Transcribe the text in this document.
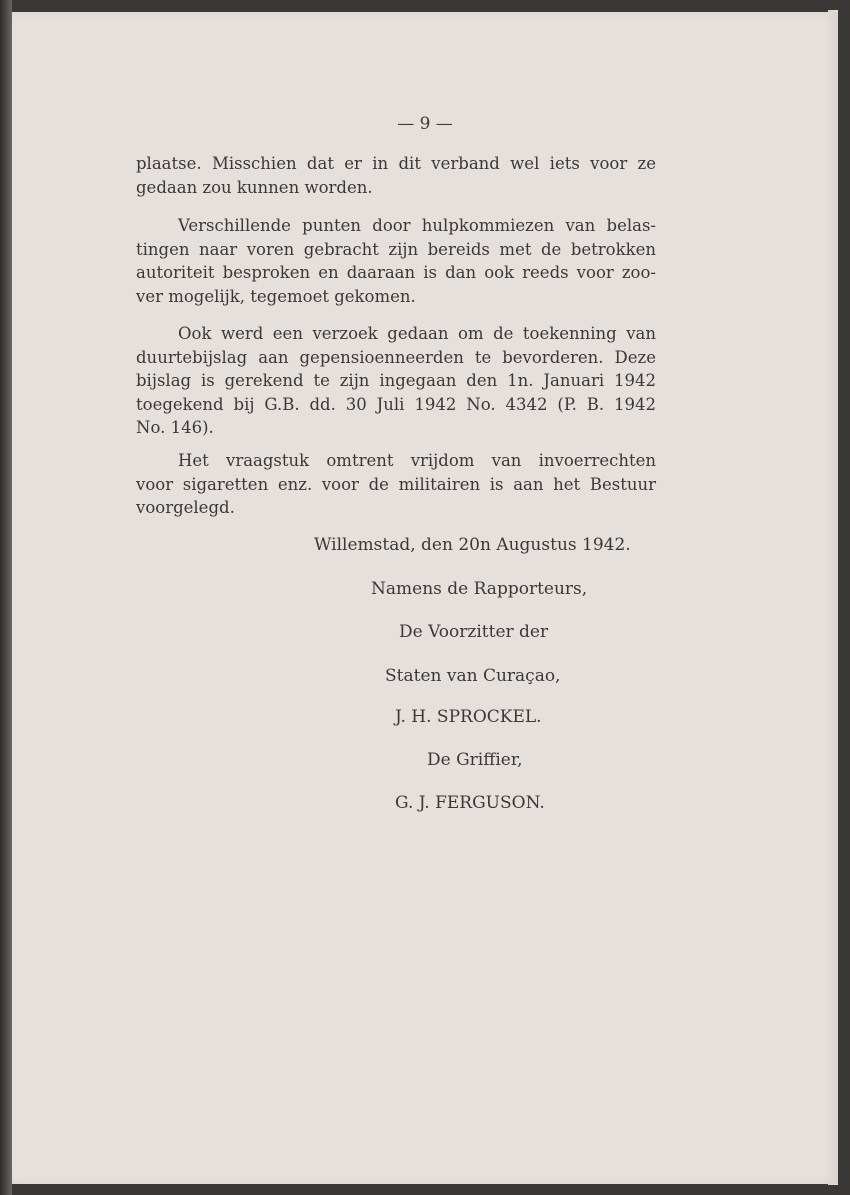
— 9 —
plaatse. Misschien dat er in dit verband wel iets voor ze
gedaan zou kunnen worden.
Verschillende punten door hulpkommiezen van belas-
tingen naar voren gebracht zijn bereids met de betrokken
autoriteit besproken en daaraan is dan ook reeds voor zoo-
ver mogelijk, tegemoet gekomen.
Ook werd een verzoek gedaan om de toekenning van
duurtebijslag aan gepensioenneerden te bevorderen. Deze
bijslag is gerekend te zijn ingegaan den 1n. Januari 1942
toegekend bij G.B. dd. 30 Juli 1942 No. 4342 (P. B. 1942
No. 146).
Het vraagstuk omtrent vrijdom van invoerrechten
voor sigaretten enz. voor de militairen is aan het Bestuur
voorgelegd.
Willemstad, den 20n Augustus 1942.
Namens de Rapporteurs,
De Voorzitter der
Staten van Curaçao,
J. H. SPROCKEL.
De Griffier,
G. J. FERGUSON.
